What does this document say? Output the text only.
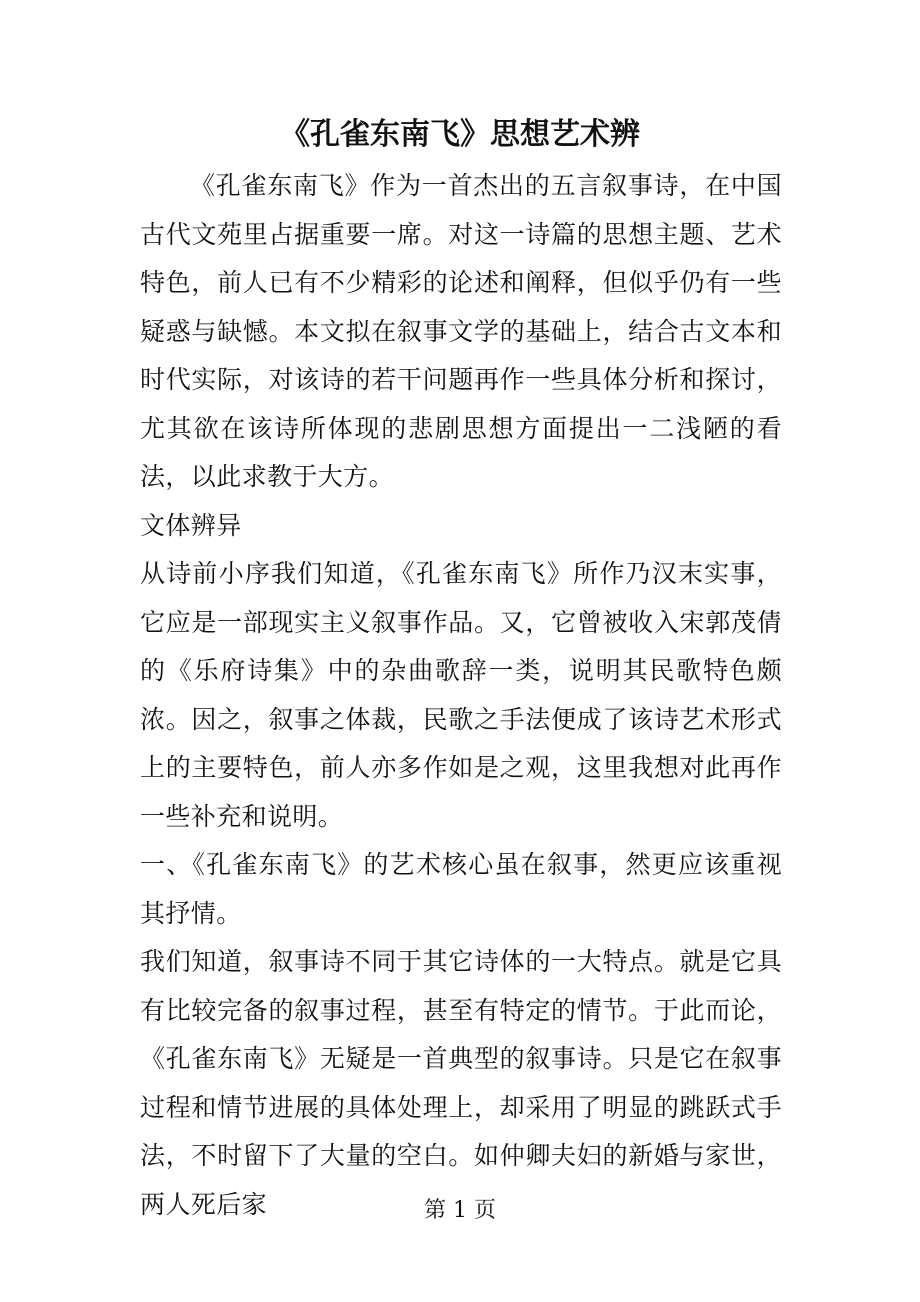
《孔雀东南飞》思想艺术辨

《孔雀东南飞》作为一首杰出的五言叙事诗，在中国古代文苑里占据重要一席。对这一诗篇的思想主题、艺术特色，前人已有不少精彩的论述和阐释，但似乎仍有一些疑惑与缺憾。本文拟在叙事文学的基础上，结合古文本和时代实际，对该诗的若干问题再作一些具体分析和探讨，尤其欲在该诗所体现的悲剧思想方面提出一二浅陋的看法，以此求教于大方。

文体辨异

从诗前小序我们知道，《孔雀东南飞》所作乃汉末实事，它应是一部现实主义叙事作品。又，它曾被收入宋郭茂倩的《乐府诗集》中的杂曲歌辞一类，说明其民歌特色颇浓。因之，叙事之体裁，民歌之手法便成了该诗艺术形式上的主要特色，前人亦多作如是之观，这里我想对此再作一些补充和说明。

一、《孔雀东南飞》的艺术核心虽在叙事，然更应该重视其抒情。

我们知道，叙事诗不同于其它诗体的一大特点。就是它具有比较完备的叙事过程，甚至有特定的情节。于此而论，《孔雀东南飞》无疑是一首典型的叙事诗。只是它在叙事过程和情节进展的具体处理上，却采用了明显的跳跃式手法，不时留下了大量的空白。如仲卿夫妇的新婚与家世，两人死后家	第 1 页
